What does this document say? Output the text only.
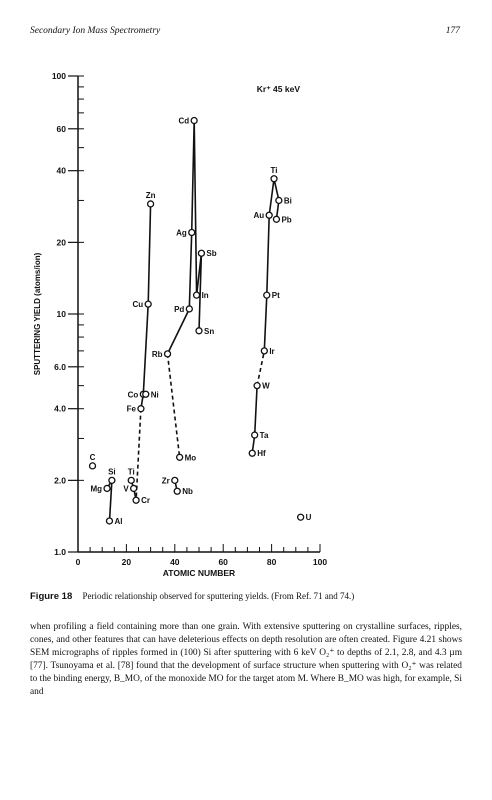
Secondary Ion Mass Spectrometry	177
1.0
2.0
4.0
6.0
10
20
40
60
100
0	20	40	60	80	100
ATOMIC NUMBER
SPUTTERING YIELD (atoms/ion)
Kr⁺ 45 keV
C
Mg
Al
Si Ti
V
Cr
Fe
Co Ni
Cu
Zn
Zr
Nb
Mo
Pd
Ag
Cd
In
Sn
Sb
Rb
Hf
Ta
W
Ir
Pt
Au
Ti
Pb
Bi
U
Figure 18 Periodic relationship observed for sputtering yields. (From Ref. 71 and 74.)

when profiling a field containing more than one grain. With extensive sputtering on crystalline surfaces, ripples, cones, and other features that can have deleterious effects on depth resolution are often created. Figure 4.21 shows SEM micrographs of ripples formed in (100) Si after sputtering with 6 keV O₂⁺ to depths of 2.1, 2.8, and 4.3 µm [77]. Tsunoyama et al. [78] found that the development of surface structure when sputtering with O₂⁺ was related to the binding energy, B_MO, of the monoxide MO for the target atom M. Where B_MO was high, for example, Si and
